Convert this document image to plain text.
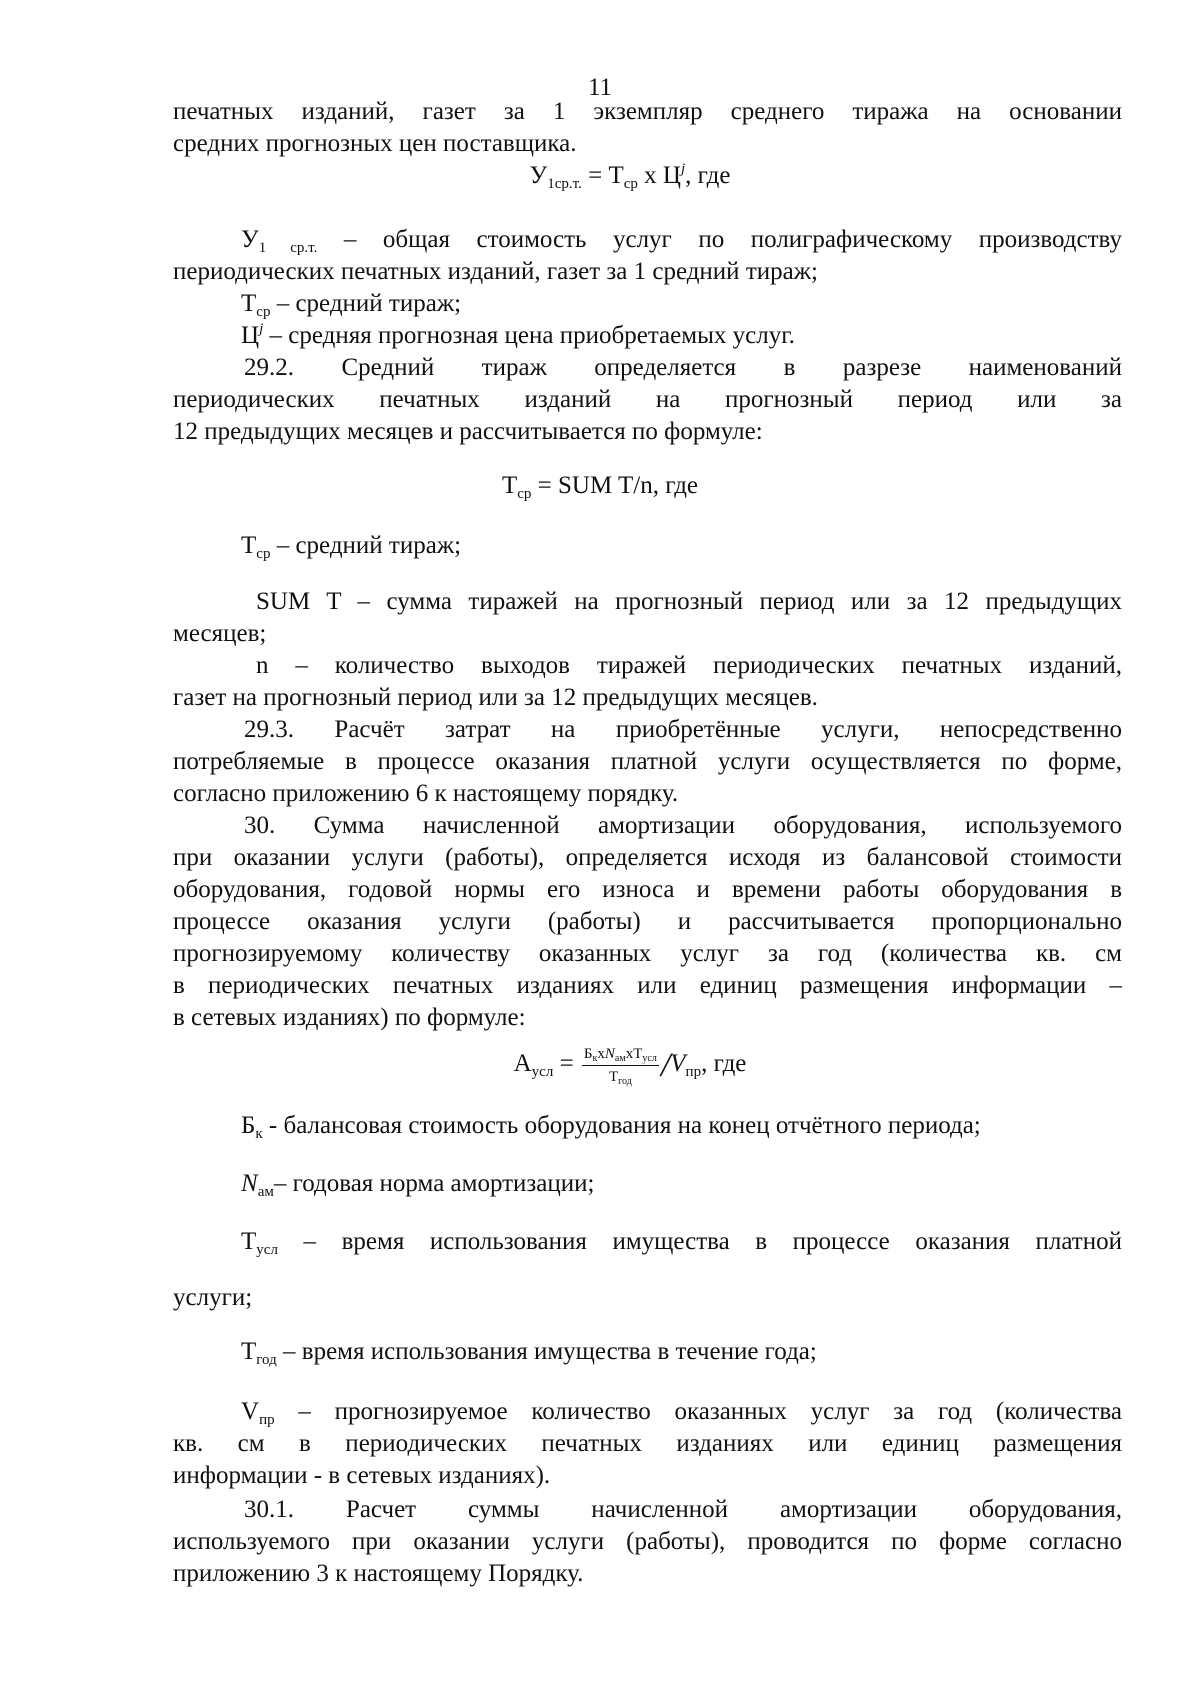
11
печатных изданий, газет за 1 экземпляр среднего тиража на основании
средних прогнозных цен поставщика.
$У_{1ср.т.} = Т_{ср}$ х $Ц^j$, где
$У_{1 ср.т.}$ – общая стоимость услуг по полиграфическому производству
периодических печатных изданий, газет за 1 средний тираж;
$Т_{ср}$ – средний тираж;
$Ц^j$ – средняя прогнозная цена приобретаемых услуг.
29.2. Средний тираж определяется в разрезе наименований
периодических печатных изданий на прогнозный период или за
12 предыдущих месяцев и рассчитывается по формуле:
$Т_{ср}$ = SUM T/n, где
$Т_{ср}$ – средний тираж;
SUM T – сумма тиражей на прогнозный период или за 12 предыдущих
месяцев;
n – количество выходов тиражей периодических печатных изданий,
газет на прогнозный период или за 12 предыдущих месяцев.
29.3. Расчёт затрат на приобретённые услуги, непосредственно
потребляемые в процессе оказания платной услуги осуществляется по форме,
согласно приложению 6 к настоящему порядку.
30. Сумма начисленной амортизации оборудования, используемого
при оказании услуги (работы), определяется исходя из балансовой стоимости
оборудования, годовой нормы его износа и времени работы оборудования в
процессе оказания услуги (работы) и рассчитывается пропорционально
прогнозируемому количеству оказанных услуг за год (количества кв. см
в периодических печатных изданиях или единиц размещения информации –
в сетевых изданиях) по формуле:
$А_{усл} = \frac{Б_кхN_{ам}хТ_{усл}}{Т_{год}} /V_{пр}$, где
$Б_к$ - балансовая стоимость оборудования на конец отчётного периода;
$N_{ам}-$ годовая норма амортизации;
$Т_{усл}$ – время использования имущества в процессе оказания платной
услуги;
$Т_{год}$ – время использования имущества в течение года;
$V_{пр}$ – прогнозируемое количество оказанных услуг за год (количества
кв. см в периодических печатных изданиях или единиц размещения
информации - в сетевых изданиях).
30.1. Расчет суммы начисленной амортизации оборудования,
используемого при оказании услуги (работы), проводится по форме согласно
приложению 3 к настоящему Порядку.
